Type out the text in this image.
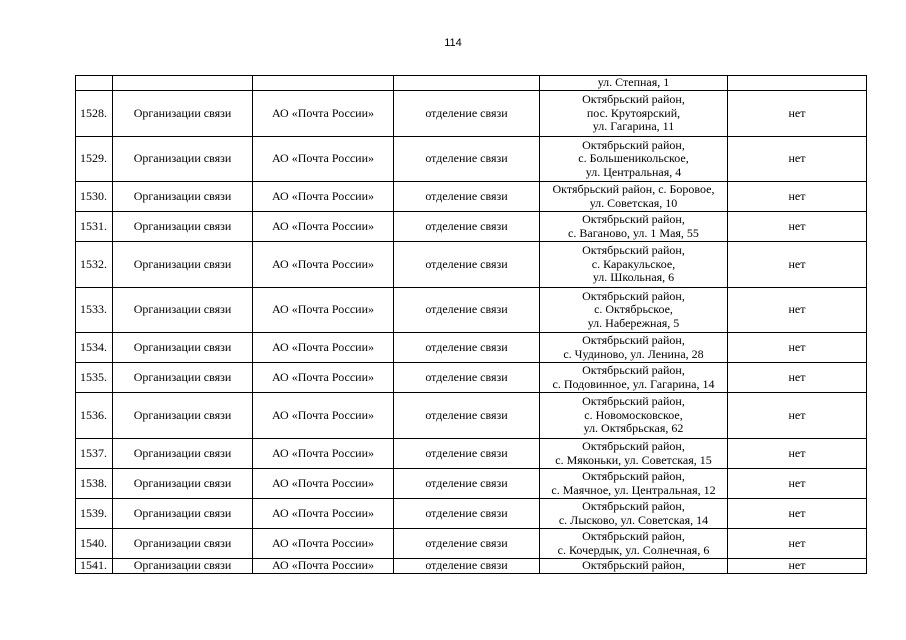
114

				ул. Степная, 1	

1528.	Организации связи	АО «Почта России»	отделение связи	Октябрьский район,
пос. Крутоярский,
ул. Гагарина, 11	нет
1529.	Организации связи	АО «Почта России»	отделение связи	Октябрьский район,
с. Большеникольское,
ул. Центральная, 4	нет
1530.	Организации связи	АО «Почта России»	отделение связи	Октябрьский район, с. Боровое,
ул. Советская, 10	нет
1531.	Организации связи	АО «Почта России»	отделение связи	Октябрьский район,
с. Ваганово, ул. 1 Мая, 55	нет
1532.	Организации связи	АО «Почта России»	отделение связи	Октябрьский район,
с. Каракульское,
ул. Школьная, 6	нет
1533.	Организации связи	АО «Почта России»	отделение связи	Октябрьский район,
с. Октябрьское,
ул. Набережная, 5	нет
1534.	Организации связи	АО «Почта России»	отделение связи	Октябрьский район,
с. Чудиново, ул. Ленина, 28	нет
1535.	Организации связи	АО «Почта России»	отделение связи	Октябрьский район,
с. Подовинное, ул. Гагарина, 14	нет
1536.	Организации связи	АО «Почта России»	отделение связи	Октябрьский район,
с. Новомосковское,
ул. Октябрьская, 62	нет
1537.	Организации связи	АО «Почта России»	отделение связи	Октябрьский район,
с. Мяконьки, ул. Советская, 15	нет
1538.	Организации связи	АО «Почта России»	отделение связи	Октябрьский район,
с. Маячное, ул. Центральная, 12	нет
1539.	Организации связи	АО «Почта России»	отделение связи	Октябрьский район,
с. Лысково, ул. Советская, 14	нет
1540.	Организации связи	АО «Почта России»	отделение связи	Октябрьский район,
с. Кочердык, ул. Солнечная, 6	нет
1541.	Организации связи	АО «Почта России»	отделение связи	Октябрьский район,	нет
